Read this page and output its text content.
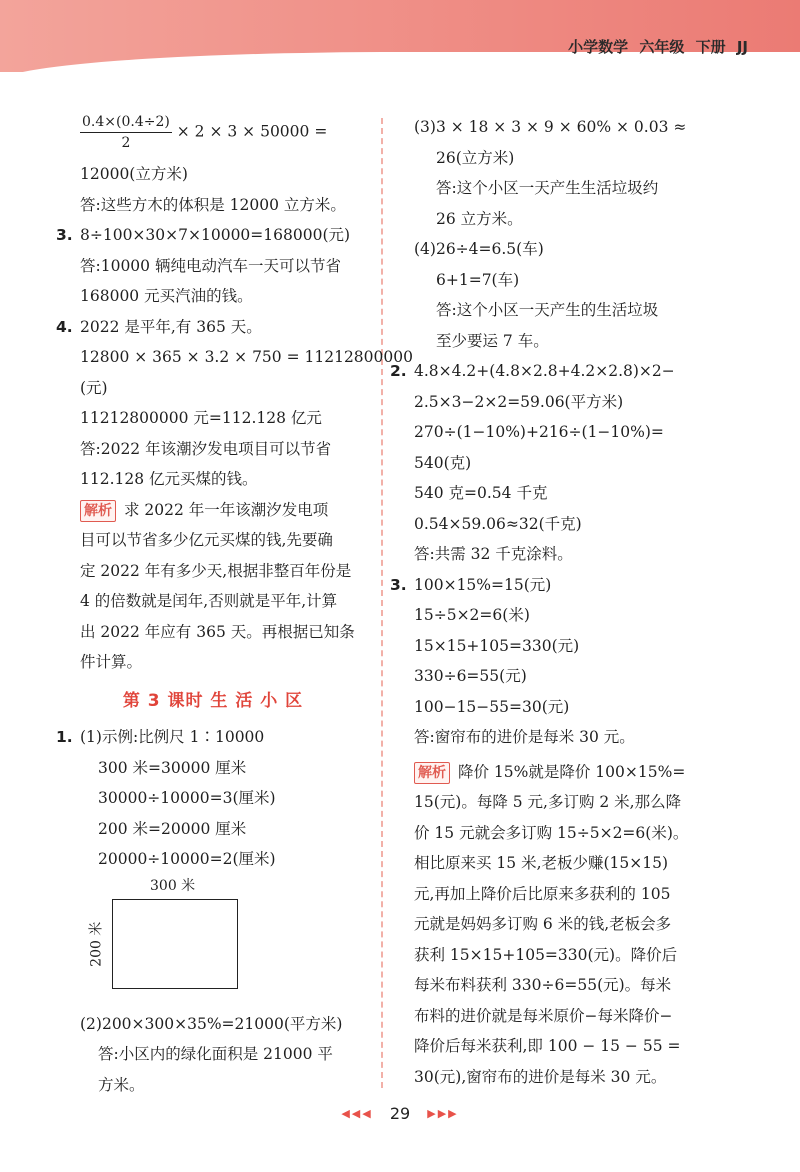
小学数学 六年级 下册 JJ
$\frac{0.4\times(0.4\div 2)}{2} \times 2 \times 3 \times 50000$ =
12000(立方米)
答:这些方木的体积是 12000 立方米。
3. 8÷100×30×7×10000=168000(元)
答:10000 辆纯电动汽车一天可以节省
168000 元买汽油的钱。
4. 2022 是平年,有 365 天。
12800 × 365 × 3.2 × 750 = 11212800000
(元)
11212800000 元=112.128 亿元
答:2022 年该潮汐发电项目可以节省
112.128 亿元买煤的钱。
解析 求 2022 年一年该潮汐发电项
目可以节省多少亿元买煤的钱,先要确
定 2022 年有多少天,根据非整百年份是
4 的倍数就是闰年,否则就是平年,计算
出 2022 年应有 365 天。再根据已知条
件计算。
第 3 课时 生 活 小 区
1. (1)示例:比例尺 1∶10000
300 米=30000 厘米
30000÷10000=3(厘米)
200 米=20000 厘米
20000÷10000=2(厘米)
300 米
200 米
(2)200×300×35%=21000(平方米)
答:小区内的绿化面积是 21000 平
方米。
(3)3 × 18 × 3 × 9 × 60% × 0.03 ≈
26(立方米)
答:这个小区一天产生生活垃圾约
26 立方米。
(4)26÷4=6.5(车)
6+1=7(车)
答:这个小区一天产生的生活垃圾
至少要运 7 车。
2. 4.8×4.2+(4.8×2.8+4.2×2.8)×2−
2.5×3−2×2=59.06(平方米)
270÷(1−10%)+216÷(1−10%)=
540(克)
540 克=0.54 千克
0.54×59.06≈32(千克)
答:共需 32 千克涂料。
3. 100×15%=15(元)
15÷5×2=6(米)
15×15+105=330(元)
330÷6=55(元)
100−15−55=30(元)
答:窗帘布的进价是每米 30 元。
解析 降价 15%就是降价 100×15%=
15(元)。每降 5 元,多订购 2 米,那么降
价 15 元就会多订购 15÷5×2=6(米)。
相比原来买 15 米,老板少赚(15×15)
元,再加上降价后比原来多获利的 105
元就是妈妈多订购 6 米的钱,老板会多
获利 15×15+105=330(元)。降价后
每米布料获利 330÷6=55(元)。每米
布料的进价就是每米原价−每米降价−
降价后每米获利,即 100 − 15 − 55 =
30(元),窗帘布的进价是每米 30 元。
◀◀◀ 29 ▶▶▶
